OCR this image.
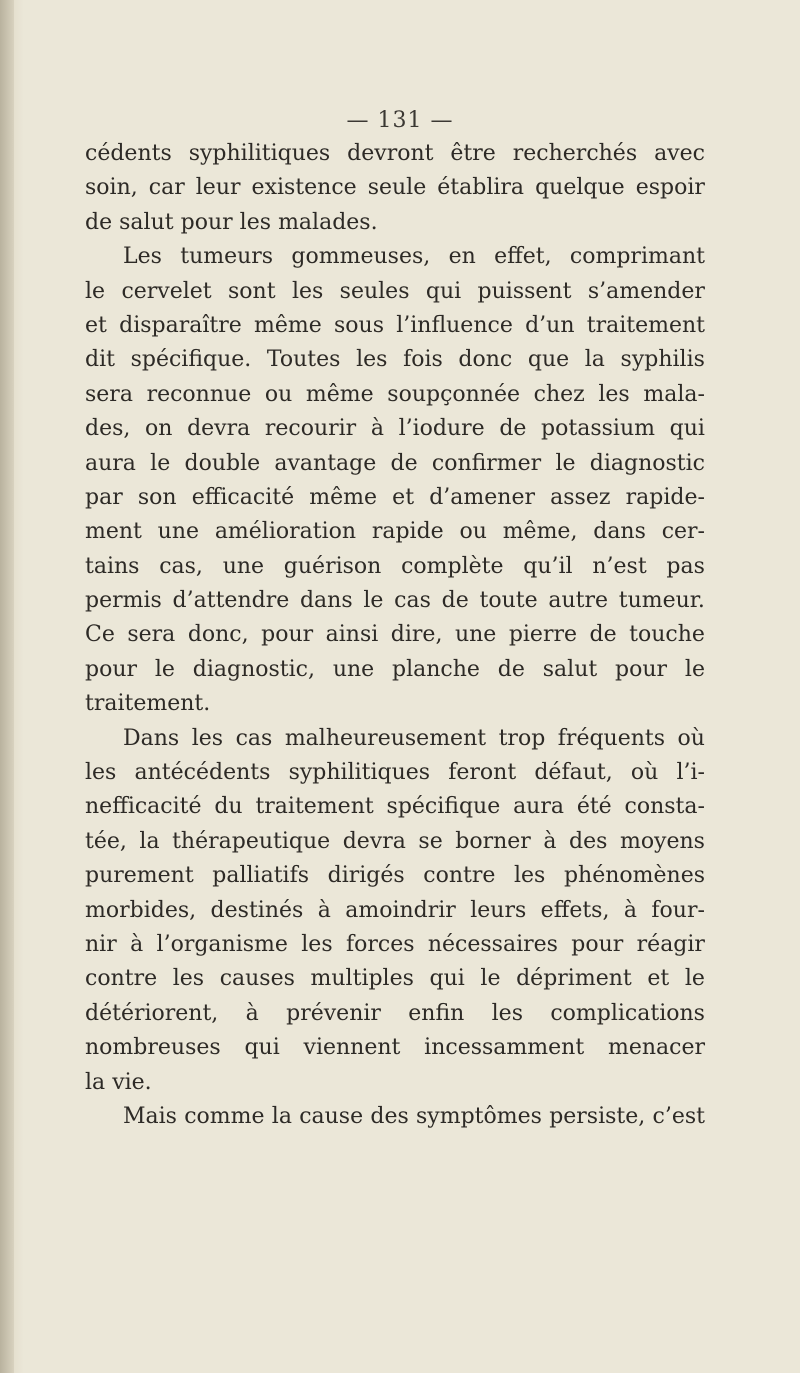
— 131 —
cédents syphilitiques devront être recherchés avec
soin, car leur existence seule établira quelque espoir
de salut pour les malades.
Les tumeurs gommeuses, en effet, comprimant
le cervelet sont les seules qui puissent s’amender
et disparaître même sous l’influence d’un traitement
dit spécifique. Toutes les fois donc que la syphilis
sera reconnue ou même soupçonnée chez les mala-
des, on devra recourir à l’iodure de potassium qui
aura le double avantage de confirmer le diagnostic
par son efficacité même et d’amener assez rapide-
ment une amélioration rapide ou même, dans cer-
tains cas, une guérison complète qu’il n’est pas
permis d’attendre dans le cas de toute autre tumeur.
Ce sera donc, pour ainsi dire, une pierre de touche
pour le diagnostic, une planche de salut pour le
traitement.
Dans les cas malheureusement trop fréquents où
les antécédents syphilitiques feront défaut, où l’i-
nefficacité du traitement spécifique aura été consta-
tée, la thérapeutique devra se borner à des moyens
purement palliatifs dirigés contre les phénomènes
morbides, destinés à amoindrir leurs effets, à four-
nir à l’organisme les forces nécessaires pour réagir
contre les causes multiples qui le dépriment et le
détériorent, à prévenir enfin les complications
nombreuses qui viennent incessamment menacer
la vie.
Mais comme la cause des symptômes persiste, c’est
